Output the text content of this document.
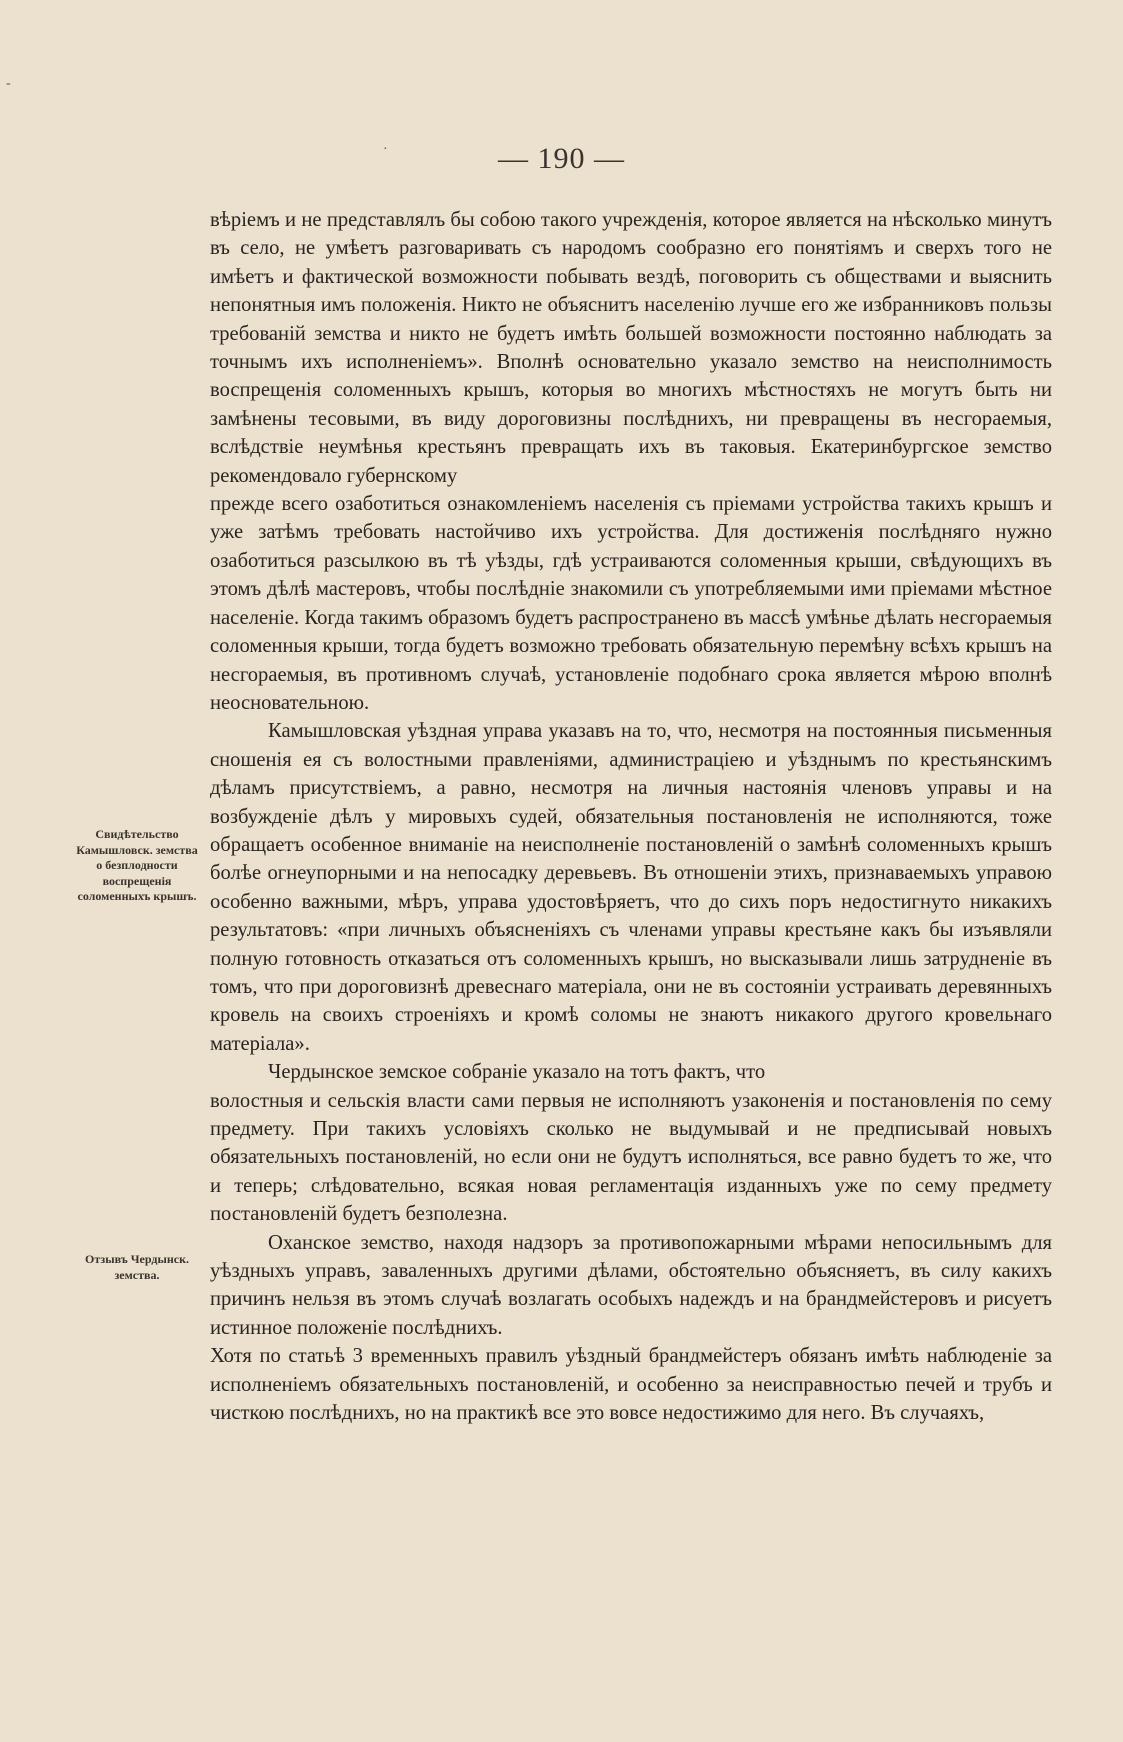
— 190 —
-
·
Свидѣтельство Камышловск. земства о безплодности воспрещенія соломенныхъ крышъ.
Отзывъ Чердынск. земства.

вѣріемъ и не представлялъ бы собою такого учрежденія, которое является на нѣсколько минутъ въ село, не умѣетъ разговаривать съ народомъ сообразно его понятіямъ и сверхъ того не имѣетъ и фактической возможности побывать вездѣ, поговорить съ обществами и выяснить непонятныя имъ положенія. Никто не объяснитъ населенію лучше его же избранниковъ пользы требованій земства и никто не будетъ имѣть большей возможности постоянно наблюдать за точнымъ ихъ исполненіемъ». Вполнѣ основательно указало земство на неисполнимость воспрещенія соломенныхъ крышъ, которыя во многихъ мѣстностяхъ не могутъ быть ни замѣнены тесовыми, въ виду дороговизны послѣднихъ, ни превращены въ несгораемыя, вслѣдствіе неумѣнья крестьянъ превращать ихъ въ таковыя. Екатеринбургское земство рекомендовало губернскому

прежде всего озаботиться ознакомленіемъ населенія съ пріемами устройства такихъ крышъ и уже затѣмъ требовать настойчиво ихъ устройства. Для достиженія послѣдняго нужно озаботиться разсылкою въ тѣ уѣзды, гдѣ устраиваются соломенныя крыши, свѣдующихъ въ этомъ дѣлѣ мастеровъ, чтобы послѣдніе знакомили съ употребляемыми ими пріемами мѣстное населеніе. Когда такимъ образомъ будетъ распространено въ массѣ умѣнье дѣлать несгораемыя соломенныя крыши, тогда будетъ возможно требовать обязательную перемѣну всѣхъ крышъ на несгораемыя, въ противномъ случаѣ, установленіе подобнаго срока является мѣрою вполнѣ неосновательною.

Камышловская уѣздная управа указавъ на то, что, несмотря на постоянныя письменныя сношенія ея съ волостными правленіями, администраціею и уѣзднымъ по крестьянскимъ дѣламъ присутствіемъ, а равно, несмотря на личныя настоянія членовъ управы и на возбужденіе дѣлъ у мировыхъ судей, обязательныя постановленія не исполняются, тоже обращаетъ особенное вниманіе на неисполненіе постановленій о замѣнѣ соломенныхъ крышъ болѣе огнеупорными и на непосадку деревьевъ. Въ отношеніи этихъ, признаваемыхъ управою особенно важными, мѣръ, управа удостовѣряетъ, что до сихъ поръ недостигнуто никакихъ результатовъ: «при личныхъ объясненіяхъ съ членами управы крестьяне какъ бы изъявляли полную готовность отказаться отъ соломенныхъ крышъ, но высказывали лишь затрудненіе въ томъ, что при дороговизнѣ древеснаго матеріала, они не въ состояніи устраивать деревянныхъ кровель на своихъ строеніяхъ и кромѣ соломы не знаютъ никакого другого кровельнаго матеріала».

Чердынское земское собраніе указало на тотъ фактъ, что

волостныя и сельскія власти сами первыя не исполняютъ узаконенія и постановленія по сему предмету. При такихъ условіяхъ сколько не выдумывай и не предписывай новыхъ обязательныхъ постановленій, но если они не будутъ исполняться, все равно будетъ то же, что и теперь; слѣдовательно, всякая новая регламентація изданныхъ уже по сему предмету постановленій будетъ безполезна.

Оханское земство, находя надзоръ за противопожарными мѣрами непосильнымъ для уѣздныхъ управъ, заваленныхъ другими дѣлами, обстоятельно объясняетъ, въ силу какихъ причинъ нельзя въ этомъ случаѣ возлагать особыхъ надеждъ и на брандмейстеровъ и рисуетъ истинное положеніе послѣднихъ.

Хотя по статьѣ 3 временныхъ правилъ уѣздный брандмейстеръ обязанъ имѣть наблюденіе за исполненіемъ обязательныхъ постановленій, и особенно за неисправностью печей и трубъ и чисткою послѣднихъ, но на практикѣ все это вовсе недостижимо для него. Въ случаяхъ,
